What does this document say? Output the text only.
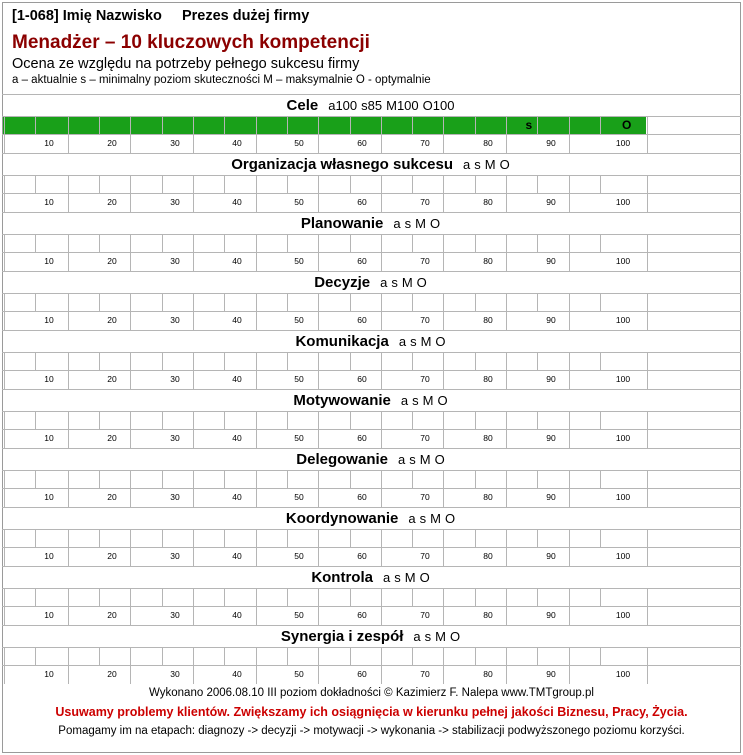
[1-068] Imię Nazwisko Prezes dużej firmy
Menadżer – 10 kluczowych kompetencji
Ocena ze względu na potrzeby pełnego sukcesu firmy
a – aktualnie s – minimalny poziom skuteczności M – maksymalnie O - optymalnie
Cele a100 s85 M100 O100
s	O
10	20	30	40	50	60	70	80	90	100
Organizacja własnego sukcesu a s M O
10	20	30	40	50	60	70	80	90	100
Planowanie a s M O
10	20	30	40	50	60	70	80	90	100
Decyzje a s M O
10	20	30	40	50	60	70	80	90	100
Komunikacja a s M O
10	20	30	40	50	60	70	80	90	100
Motywowanie a s M O
10	20	30	40	50	60	70	80	90	100
Delegowanie a s M O
10	20	30	40	50	60	70	80	90	100
Koordynowanie a s M O
10	20	30	40	50	60	70	80	90	100
Kontrola a s M O
10	20	30	40	50	60	70	80	90	100
Synergia i zespół a s M O
10	20	30	40	50	60	70	80	90	100
Wykonano 2006.08.10 III poziom dokładności © Kazimierz F. Nalepa www.TMTgroup.pl
Usuwamy problemy klientów. Zwiększamy ich osiągnięcia w kierunku pełnej jakości Biznesu, Pracy, Życia.
Pomagamy im na etapach: diagnozy -> decyzji -> motywacji -> wykonania -> stabilizacji podwyższonego poziomu korzyści.
